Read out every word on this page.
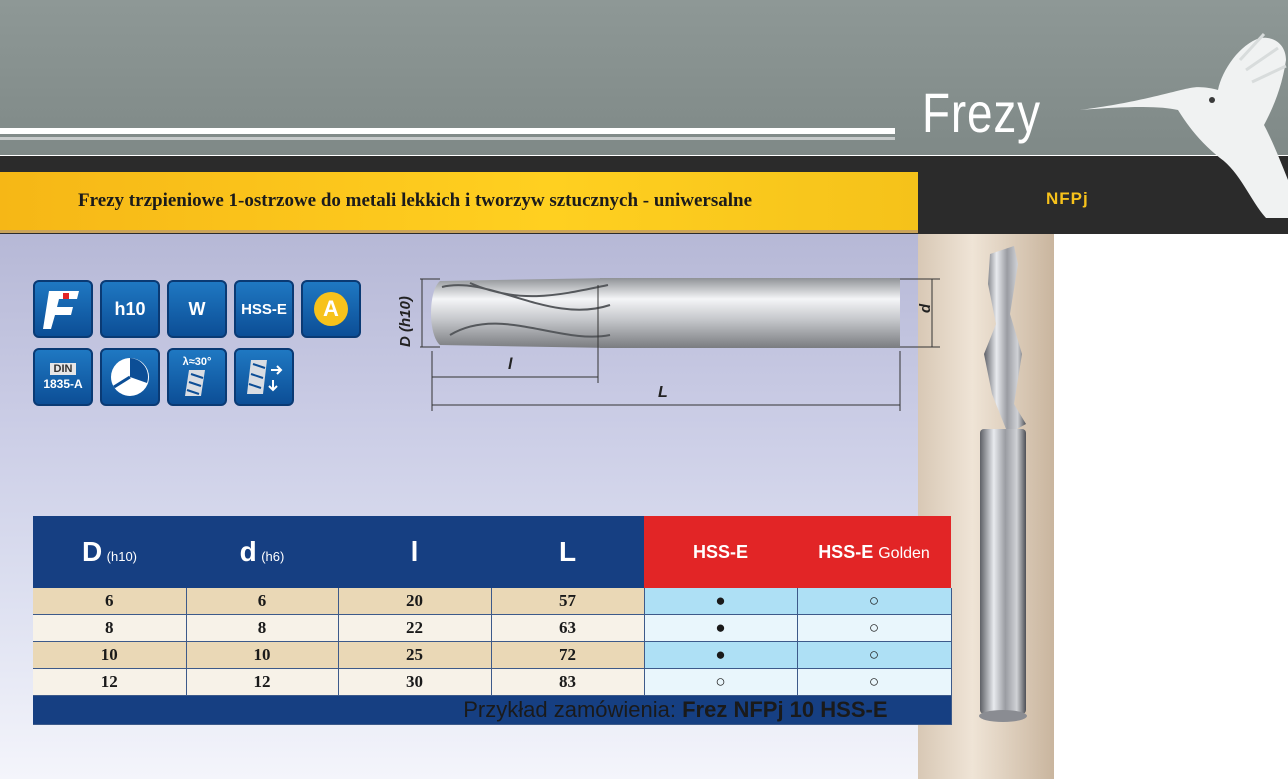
Frezy
Frezy trzpieniowe 1-ostrzowe do metali lekkich i tworzyw sztucznych - uniwersalne	NFPj
h10	W	HSS-E	A
DIN
1835-A
λ≈30°
D (h10)	d
l
L
D (h10)	d (h6)	l	L	HSS-E	HSS-E Golden
6	6	20	57	●	○
8	8	22	63	●	○
10	10	25	72	●	○
12	12	30	83	○	○
Przykład zamówienia: Frez NFPj 10 HSS-E					
